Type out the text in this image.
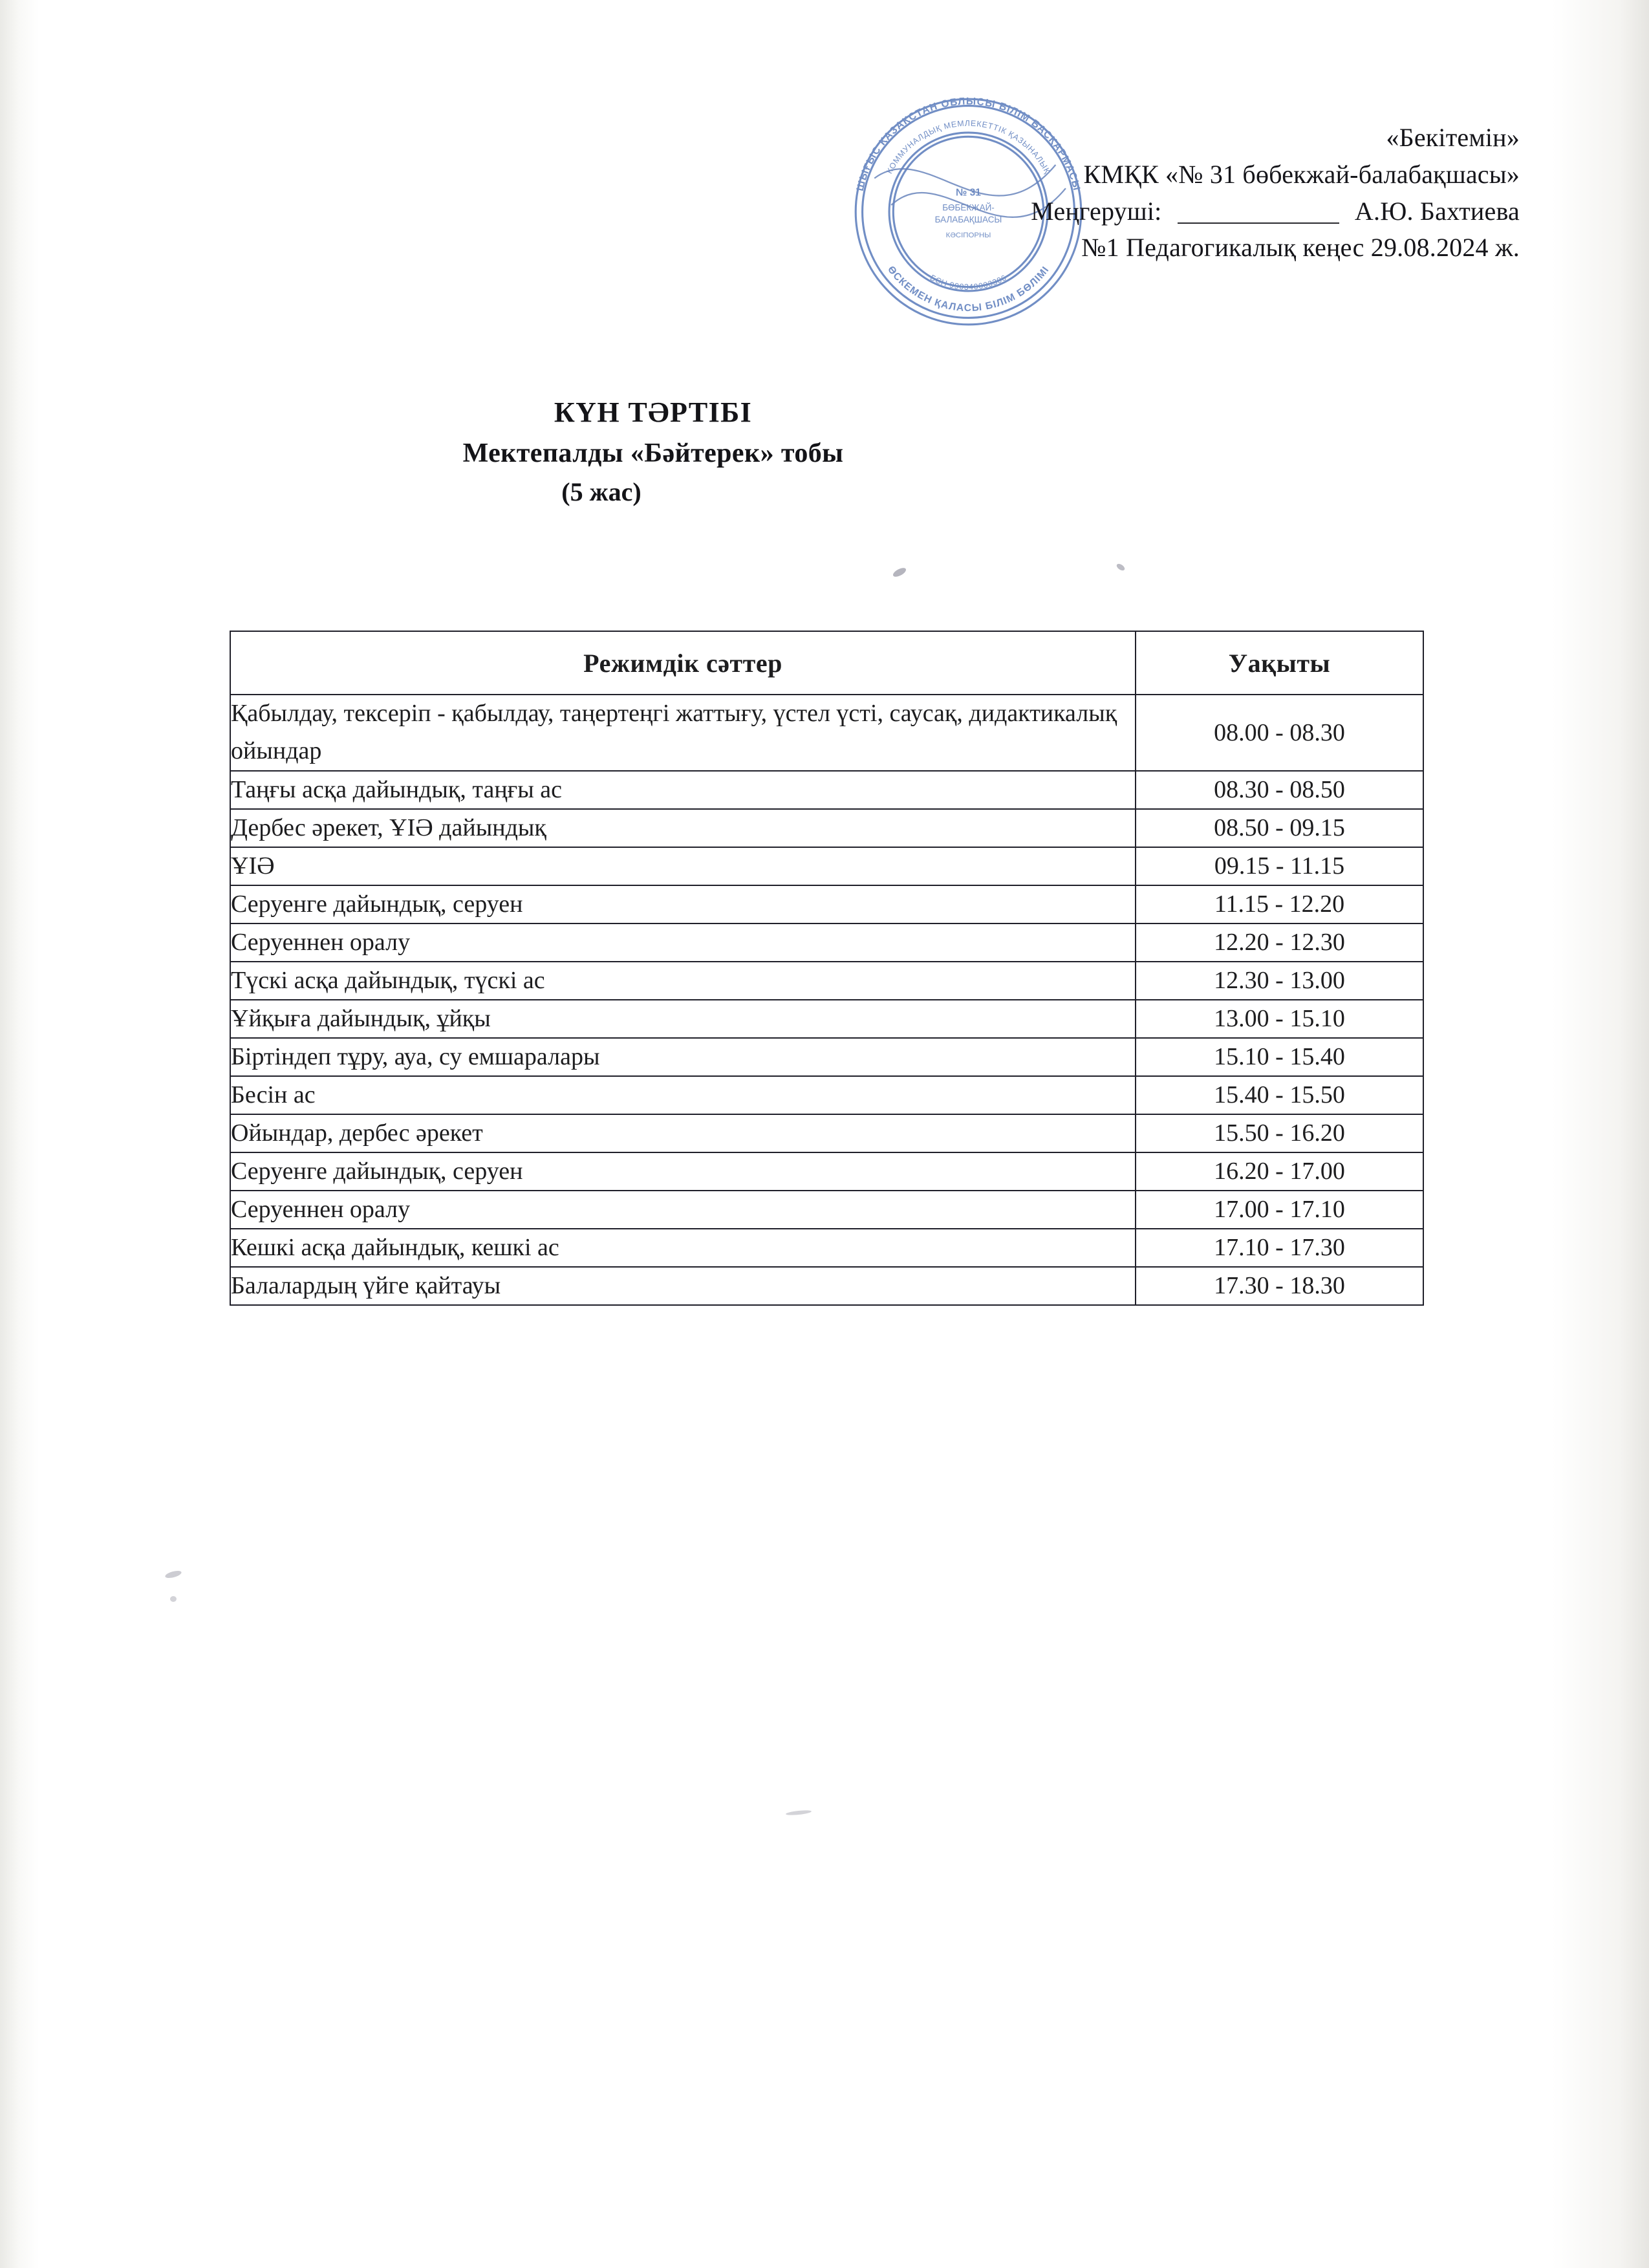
ШЫҒЫС ҚАЗАҚСТАН ОБЛЫСЫ БІЛІМ БАСҚАРМАСЫ
ӨСКЕМЕН ҚАЛАСЫ БІЛІМ БӨЛІМІ
КОММУНАЛДЫҚ МЕМЛЕКЕТТІК ҚАЗЫНАЛЫҚ
БСН 990340003306
№ 31
БӨБЕКЖАЙ-
БАЛАБАҚШАСЫ
КӘСІПОРНЫ
«Бекітемін»
КМҚК «№ 31 бөбекжай-балабақшасы»
Меңгеруші:	А.Ю. Бахтиева
№1 Педагогикалық кеңес 29.08.2024 ж.
КҮН ТӘРТІБІ
Мектепалды «Бәйтерек» тобы
(5 жас)
Режимдік сәттер	Уақыты
Қабылдау, тексеріп - қабылдау, таңертеңгі жаттығу, үстел үсті, саусақ, дидактикалық ойындар	08.00 - 08.30
Таңғы асқа дайындық, таңғы ас	08.30 - 08.50
Дербес әрекет, ҰІӘ дайындық	08.50 - 09.15
ҰІӘ	09.15 - 11.15
Серуенге дайындық, серуен	11.15 - 12.20
Серуеннен оралу	12.20 - 12.30
Түскі асқа дайындық, түскі ас	12.30 - 13.00
Ұйқыға дайындық, ұйқы	13.00 - 15.10
Біртіндеп тұру, ауа, су емшаралары	15.10 - 15.40
Бесін ас	15.40 - 15.50
Ойындар, дербес әрекет	15.50 - 16.20
Серуенге дайындық, серуен	16.20 - 17.00
Серуеннен оралу	17.00 - 17.10
Кешкі асқа дайындық, кешкі ас	17.10 - 17.30
Балалардың үйге қайтауы	17.30 - 18.30
